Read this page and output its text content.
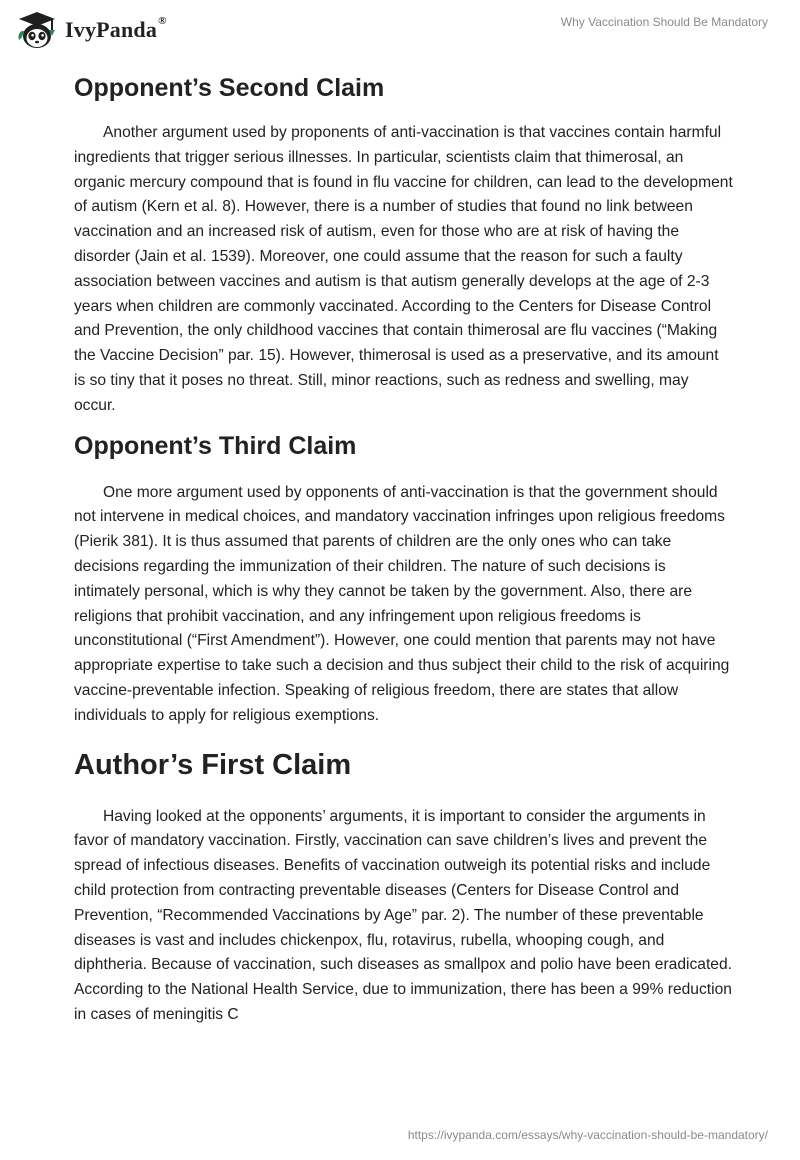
IvyPanda®	Why Vaccination Should Be Mandatory
Opponent’s Second Claim

Another argument used by proponents of anti-vaccination is that vaccines contain harmful ingredients that trigger serious illnesses. In particular, scientists claim that thimerosal, an organic mercury compound that is found in flu vaccine for children, can lead to the development of autism (Kern et al. 8). However, there is a number of studies that found no link between vaccination and an increased risk of autism, even for those who are at risk of having the disorder (Jain et al. 1539). Moreover, one could assume that the reason for such a faulty association between vaccines and autism is that autism generally develops at the age of 2-3 years when children are commonly vaccinated. According to the Centers for Disease Control and Prevention, the only childhood vaccines that contain thimerosal are flu vaccines (“Making the Vaccine Decision” par. 15). However, thimerosal is used as a preservative, and its amount is so tiny that it poses no threat. Still, minor reactions, such as redness and swelling, may occur.

Opponent’s Third Claim

One more argument used by opponents of anti-vaccination is that the government should not intervene in medical choices, and mandatory vaccination infringes upon religious freedoms (Pierik 381). It is thus assumed that parents of children are the only ones who can take decisions regarding the immunization of their children. The nature of such decisions is intimately personal, which is why they cannot be taken by the government. Also, there are religions that prohibit vaccination, and any infringement upon religious freedoms is unconstitutional (“First Amendment”). However, one could mention that parents may not have appropriate expertise to take such a decision and thus subject their child to the risk of acquiring vaccine-preventable infection. Speaking of religious freedom, there are states that allow individuals to apply for religious exemptions.

Author’s First Claim

Having looked at the opponents’ arguments, it is important to consider the arguments in favor of mandatory vaccination. Firstly, vaccination can save children’s lives and prevent the spread of infectious diseases. Benefits of vaccination outweigh its potential risks and include child protection from contracting preventable diseases (Centers for Disease Control and Prevention, “Recommended Vaccinations by Age” par. 2). The number of these preventable diseases is vast and includes chickenpox, flu, rotavirus, rubella, whooping cough, and diphtheria. Because of vaccination, such diseases as smallpox and polio have been eradicated. According to the National Health Service, due to immunization, there has been a 99% reduction in cases of meningitis C

https://ivypanda.com/essays/why-vaccination-should-be-mandatory/
